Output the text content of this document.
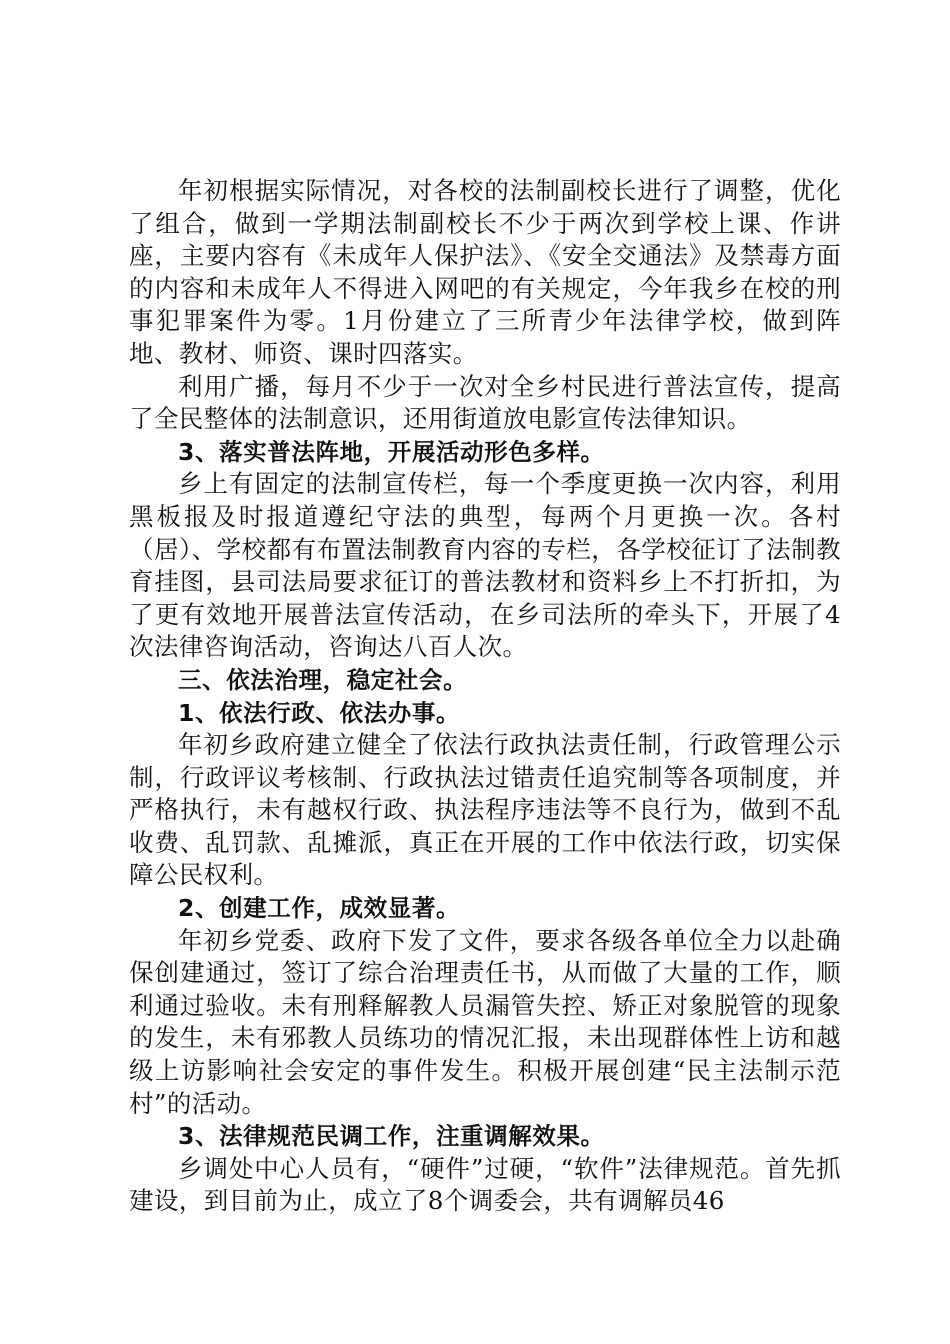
年初根据实际情况，对各校的法制副校长进行了调整，优化了组合，做到一学期法制副校长不少于两次到学校上课、作讲座，主要内容有《未成年人保护法》、《安全交通法》及禁毒方面的内容和未成年人不得进入网吧的有关规定，今年我乡在校的刑事犯罪案件为零。1月份建立了三所青少年法律学校，做到阵地、教材、师资、课时四落实。

利用广播，每月不少于一次对全乡村民进行普法宣传，提高了全民整体的法制意识，还用街道放电影宣传法律知识。

3、落实普法阵地，开展活动形色多样。

乡上有固定的法制宣传栏，每一个季度更换一次内容，利用黑板报及时报道遵纪守法的典型，每两个月更换一次。各村（居）、学校都有布置法制教育内容的专栏，各学校征订了法制教育挂图，县司法局要求征订的普法教材和资料乡上不打折扣，为了更有效地开展普法宣传活动，在乡司法所的牵头下，开展了4次法律咨询活动，咨询达八百人次。

三、依法治理，稳定社会。

1、依法行政、依法办事。

年初乡政府建立健全了依法行政执法责任制，行政管理公示制，行政评议考核制、行政执法过错责任追究制等各项制度，并严格执行，未有越权行政、执法程序违法等不良行为，做到不乱收费、乱罚款、乱摊派，真正在开展的工作中依法行政，切实保障公民权利。

2、创建工作，成效显著。

年初乡党委、政府下发了文件，要求各级各单位全力以赴确保创建通过，签订了综合治理责任书，从而做了大量的工作，顺利通过验收。未有刑释解教人员漏管失控、矫正对象脱管的现象的发生，未有邪教人员练功的情况汇报，未出现群体性上访和越级上访影响社会安定的事件发生。积极开展创建“民主法制示范村”的活动。

3、法律规范民调工作，注重调解效果。

乡调处中心人员有，“硬件”过硬，“软件”法律规范。首先抓建设，到目前为止，成立了8个调委会，共有调解员46
